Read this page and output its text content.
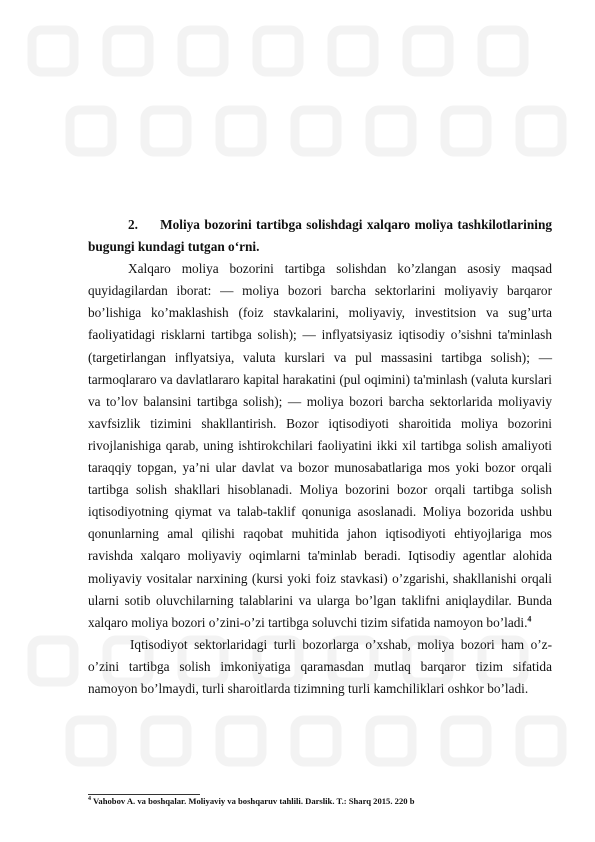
2. Moliya bozorini tartibga solishdagi xalqaro moliya tashkilotlarining bugungi kundagi tutgan o‘rni.

Xalqaro moliya bozorini tartibga solishdan ko’zlangan asosiy maqsad quyidagilardan iborat: — moliya bozori barcha sektorlarini moliyaviy barqaror bo’lishiga ko’maklashish (foiz stavkalarini, moliyaviy, investitsion va sug’urta faoliyatidagi risklarni tartibga solish); — inflyatsiyasiz iqtisodiy o’sishni ta'minlash (targetirlangan inflyatsiya, valuta kurslari va pul massasini tartibga solish); — tarmoqlararo va davlatlararo kapital harakatini (pul oqimini) ta'minlash (valuta kurslari va to’lov balansini tartibga solish); — moliya bozori barcha sektorlarida moliyaviy xavfsizlik tizimini shakllantirish. Bozor iqtisodiyoti sharoitida moliya bozorini rivojlanishiga qarab, uning ishtirokchilari faoliyatini ikki xil tartibga solish amaliyoti taraqqiy topgan, ya’ni ular davlat va bozor munosabatlariga mos yoki bozor orqali tartibga solish shakllari hisoblanadi. Moliya bozorini bozor orqali tartibga solish iqtisodiyotning qiymat va talab-taklif qonuniga asoslanadi. Moliya bozorida ushbu qonunlarning amal qilishi raqobat muhitida jahon iqtisodiyoti ehtiyojlariga mos ravishda xalqaro moliyaviy oqimlarni ta'minlab beradi. Iqtisodiy agentlar alohida moliyaviy vositalar narxining (kursi yoki foiz stavkasi) o’zgarishi, shakllanishi orqali ularni sotib oluvchilarning talablarini va ularga bo’lgan taklifni aniqlaydilar. Bunda xalqaro moliya bozori o’zini-o’zi tartibga soluvchi tizim sifatida namoyon bo’ladi.$^4$

Iqtisodiyot sektorlaridagi turli bozorlarga o’xshab, moliya bozori ham o’z-o’zini tartibga solish imkoniyatiga qaramasdan mutlaq barqaror tizim sifatida namoyon bo’lmaydi, turli sharoitlarda tizimning turli kamchiliklari oshkor bo’ladi.

$^4$ Vahobov A. va boshqalar. Moliyaviy va boshqaruv tahlili. Darslik. T.: Sharq 2015. 220 b
